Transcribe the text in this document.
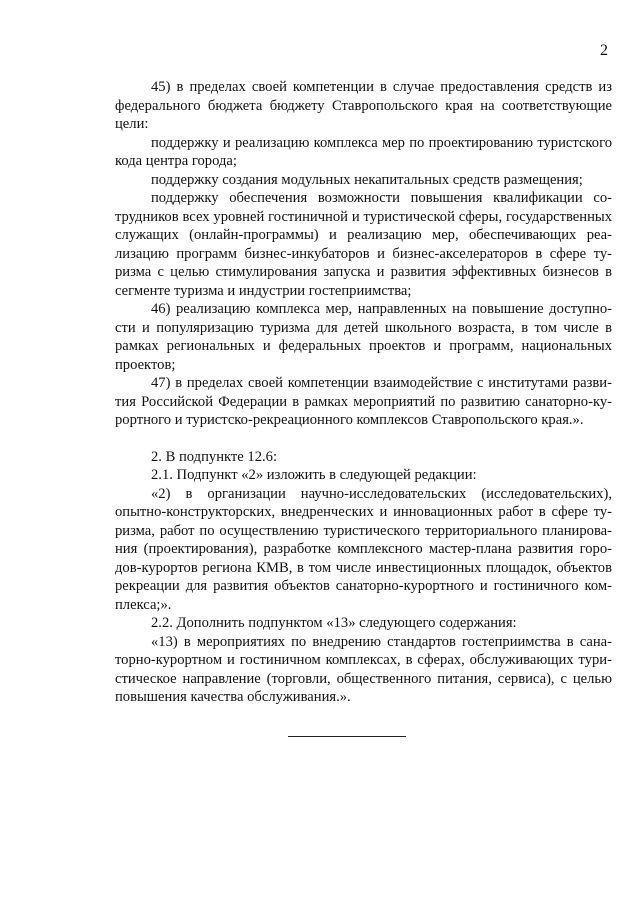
2

45) в пределах своей компетенции в случае предоставления средств из федерального бюджета бюджету Ставропольского края на соответствующие цели:

поддержку и реализацию комплекса мер по проектированию туристского кода центра города;

поддержку создания модульных некапитальных средств размещения;

поддержку обеспечения возможности повышения квалификации сотрудников всех уровней гостиничной и туристической сферы, государственных служащих (онлайн-программы) и реализацию мер, обеспечивающих реализацию программ бизнес-инкубаторов и бизнес-акселераторов в сфере туризма с целью стимулирования запуска и развития эффективных бизнесов в сегменте туризма и индустрии гостеприимства;

46) реализацию комплекса мер, направленных на повышение доступности и популяризацию туризма для детей школьного возраста, в том числе в рамках региональных и федеральных проектов и программ, национальных проектов;

47) в пределах своей компетенции взаимодействие с институтами развития Российской Федерации в рамках мероприятий по развитию санаторно-курортного и туристско-рекреационного комплексов Ставропольского края.».

2. В подпункте 12.6:

2.1. Подпункт «2» изложить в следующей редакции:

«2) в организации научно-исследовательских (исследовательских), опытно-конструкторских, внедренческих и инновационных работ в сфере туризма, работ по осуществлению туристического территориального планирования (проектирования), разработке комплексного мастер-плана развития городов-курортов региона КМВ, в том числе инвестиционных площадок, объектов рекреации для развития объектов санаторно-курортного и гостиничного комплекса;».

2.2. Дополнить подпунктом «13» следующего содержания:

«13) в мероприятиях по внедрению стандартов гостеприимства в санаторно-курортном и гостиничном комплексах, в сферах, обслуживающих туристическое направление (торговли, общественного питания, сервиса), с целью повышения качества обслуживания.».
